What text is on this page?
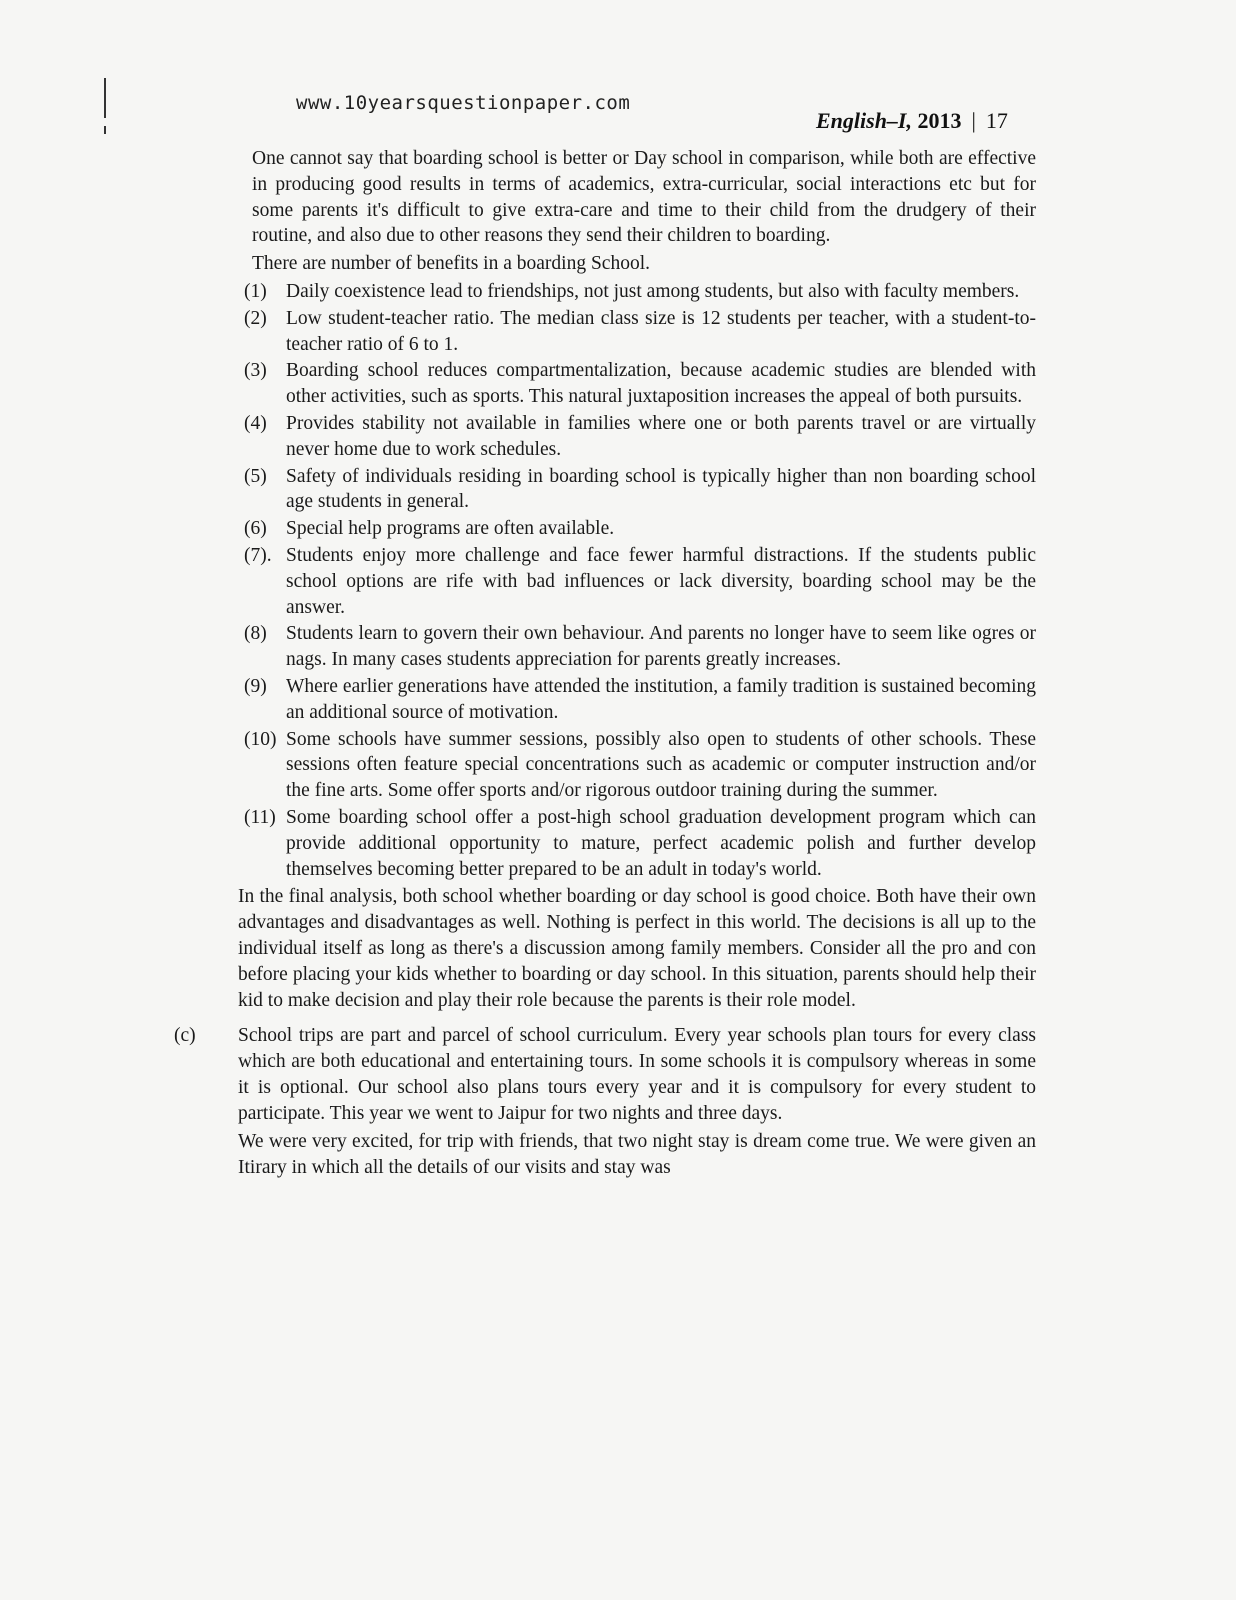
www.10yearsquestionpaper.com
English–I, 2013 | 17

One cannot say that boarding school is better or Day school in comparison, while both are effective in producing good results in terms of academics, extra-curricular, social interactions etc but for some parents it's difficult to give extra-care and time to their child from the drudgery of their routine, and also due to other reasons they send their children to boarding.

There are number of benefits in a boarding School.

(1) Daily coexistence lead to friendships, not just among students, but also with faculty members.
(2) Low student-teacher ratio. The median class size is 12 students per teacher, with a student-to-teacher ratio of 6 to 1.
(3) Boarding school reduces compartmentalization, because academic studies are blended with other activities, such as sports. This natural juxtaposition increases the appeal of both pursuits.
(4) Provides stability not available in families where one or both parents travel or are virtually never home due to work schedules.
(5) Safety of individuals residing in boarding school is typically higher than non boarding school age students in general.
(6) Special help programs are often available.
(7). Students enjoy more challenge and face fewer harmful distractions. If the students public school options are rife with bad influences or lack diversity, boarding school may be the answer.
(8) Students learn to govern their own behaviour. And parents no longer have to seem like ogres or nags. In many cases students appreciation for parents greatly increases.
(9) Where earlier generations have attended the institution, a family tradition is sustained becoming an additional source of motivation.
(10) Some schools have summer sessions, possibly also open to students of other schools. These sessions often feature special concentrations such as academic or computer instruction and/or the fine arts. Some offer sports and/or rigorous outdoor training during the summer.
(11) Some boarding school offer a post-high school graduation development program which can provide additional opportunity to mature, perfect academic polish and further develop themselves becoming better prepared to be an adult in today's world.

In the final analysis, both school whether boarding or day school is good choice. Both have their own advantages and disadvantages as well. Nothing is perfect in this world. The decisions is all up to the individual itself as long as there's a discussion among family members. Consider all the pro and con before placing your kids whether to boarding or day school. In this situation, parents should help their kid to make decision and play their role because the parents is their role model.

(c) School trips are part and parcel of school curriculum. Every year schools plan tours for every class which are both educational and entertaining tours. In some schools it is compulsory whereas in some it is optional. Our school also plans tours every year and it is compulsory for every student to participate. This year we went to Jaipur for two nights and three days.

We were very excited, for trip with friends, that two night stay is dream come true. We were given an Itirary in which all the details of our visits and stay was
